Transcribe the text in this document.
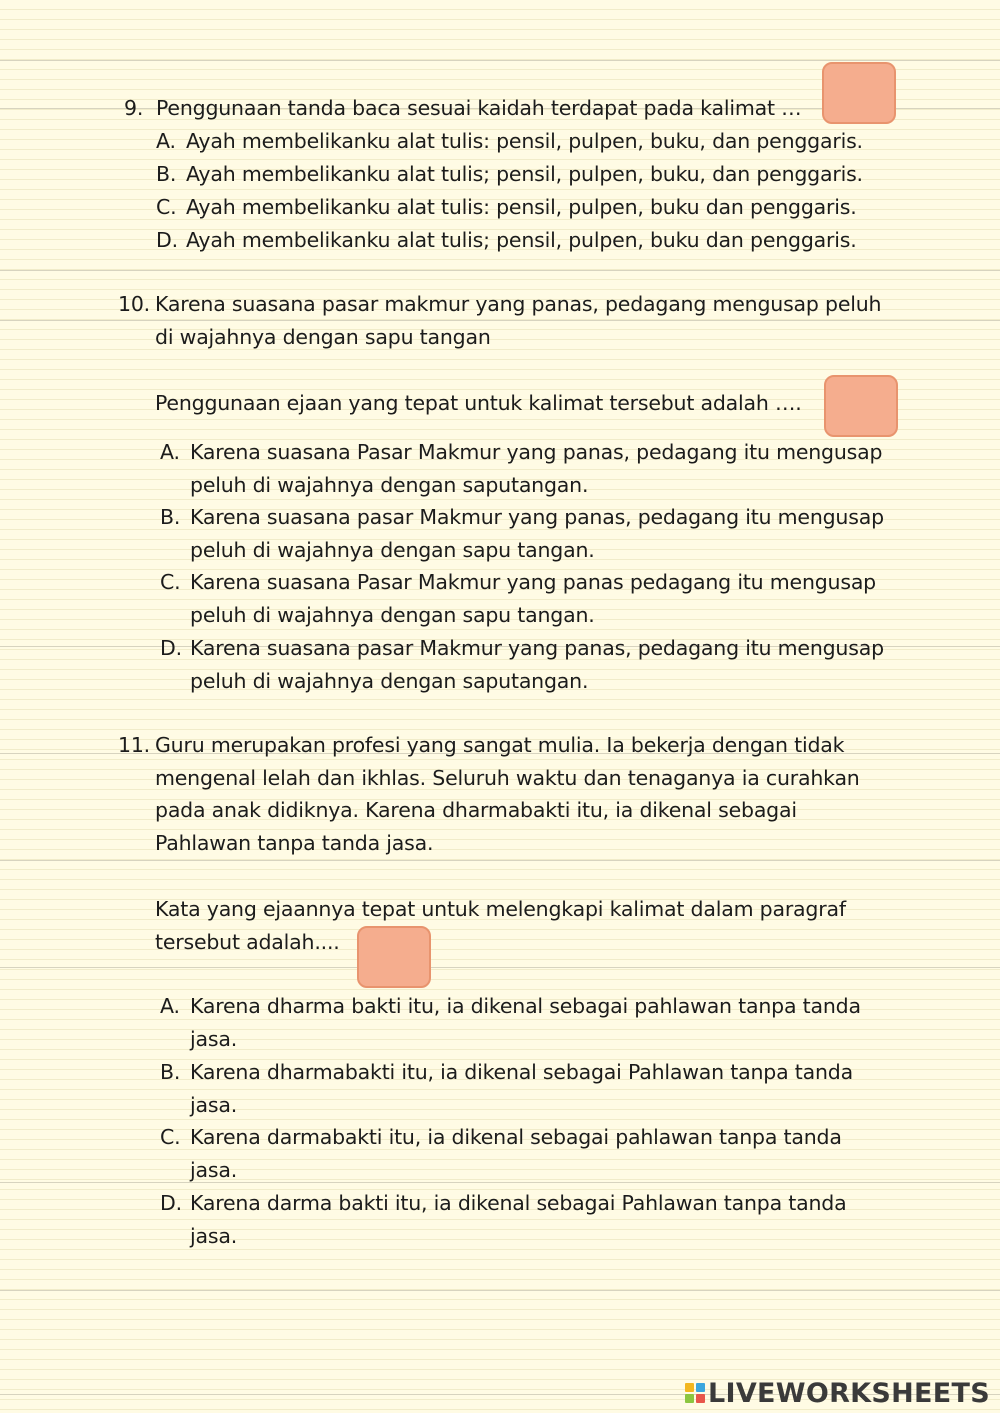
9. Penggunaan tanda baca sesuai kaidah terdapat pada kalimat …
A. Ayah membelikanku alat tulis: pensil, pulpen, buku, dan penggaris.
B. Ayah membelikanku alat tulis; pensil, pulpen, buku, dan penggaris.
C. Ayah membelikanku alat tulis: pensil, pulpen, buku dan penggaris.
D. Ayah membelikanku alat tulis; pensil, pulpen, buku dan penggaris.
10. Karena suasana pasar makmur yang panas, pedagang mengusap peluh
di wajahnya dengan sapu tangan
Penggunaan ejaan yang tepat untuk kalimat tersebut adalah ….
A. Karena suasana Pasar Makmur yang panas, pedagang itu mengusap
peluh di wajahnya dengan saputangan.
B. Karena suasana pasar Makmur yang panas, pedagang itu mengusap
peluh di wajahnya dengan sapu tangan.
C. Karena suasana Pasar Makmur yang panas pedagang itu mengusap
peluh di wajahnya dengan sapu tangan.
D. Karena suasana pasar Makmur yang panas, pedagang itu mengusap
peluh di wajahnya dengan saputangan.
11. Guru merupakan profesi yang sangat mulia. Ia bekerja dengan tidak
mengenal lelah dan ikhlas. Seluruh waktu dan tenaganya ia curahkan
pada anak didiknya. Karena dharmabakti itu, ia dikenal sebagai
Pahlawan tanpa tanda jasa.
Kata yang ejaannya tepat untuk melengkapi kalimat dalam paragraf
tersebut adalah....
A. Karena dharma bakti itu, ia dikenal sebagai pahlawan tanpa tanda
jasa.
B. Karena dharmabakti itu, ia dikenal sebagai Pahlawan tanpa tanda
jasa.
C. Karena darmabakti itu, ia dikenal sebagai pahlawan tanpa tanda
jasa.
D. Karena darma bakti itu, ia dikenal sebagai Pahlawan tanpa tanda
jasa.
LIVEWORKSHEETS
